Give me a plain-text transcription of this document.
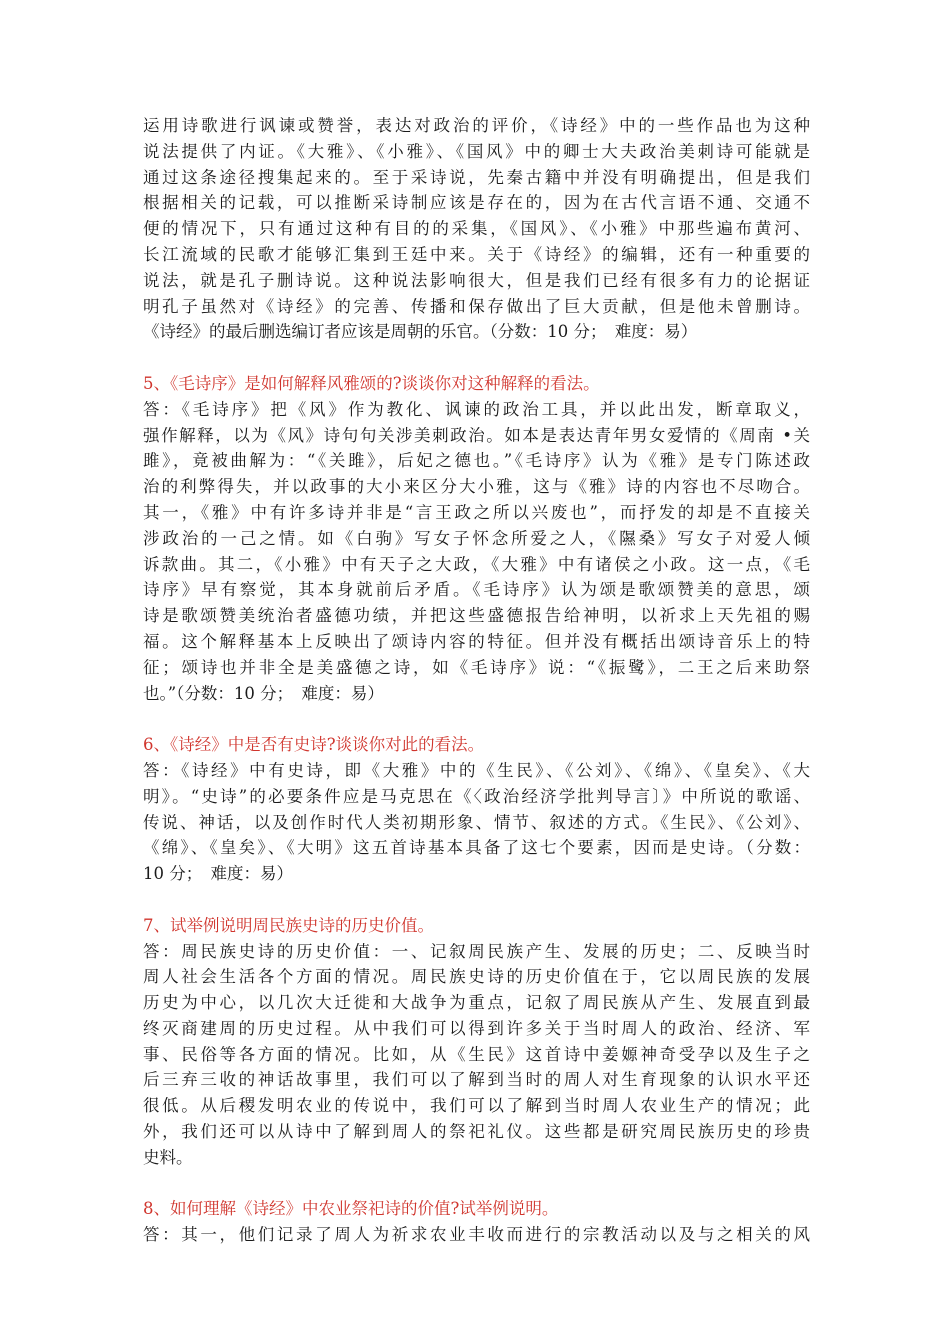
运用诗歌进行讽谏或赞誉，表达对政治的评价，《诗经》中的一些作品也为这种
说法提供了内证。《大雅》、《小雅》、《国风》中的卿士大夫政治美刺诗可能就是
通过这条途径搜集起来的。至于采诗说，先秦古籍中并没有明确提出，但是我们
根据相关的记载，可以推断采诗制应该是存在的，因为在古代言语不通、交通不
便的情况下，只有通过这种有目的的采集，《国风》、《小雅》中那些遍布黄河、
长江流域的民歌才能够汇集到王廷中来。关于《诗经》的编辑，还有一种重要的
说法，就是孔子删诗说。这种说法影响很大，但是我们已经有很多有力的论据证
明孔子虽然对《诗经》的完善、传播和保存做出了巨大贡献，但是他未曾删诗。
《诗经》的最后删选编订者应该是周朝的乐官。（分数：10 分；　难度：易）
5、《毛诗序》是如何解释风雅颂的?谈谈你对这种解释的看法。
答：《毛诗序》把《风》作为教化、讽谏的政治工具，并以此出发，断章取义，
强作解释，以为《风》诗句句关涉美刺政治。如本是表达青年男女爱情的《周南 •关
雎》，竟被曲解为：“《关雎》，后妃之德也。”《毛诗序》认为《雅》是专门陈述政
治的利弊得失，并以政事的大小来区分大小雅，这与《雅》诗的内容也不尽吻合。
其一，《雅》中有许多诗并非是“言王政之所以兴废也”，而抒发的却是不直接关
涉政治的一己之情。如《白驹》写女子怀念所爱之人，《隰桑》写女子对爱人倾
诉款曲。其二，《小雅》中有天子之大政，《大雅》中有诸侯之小政。这一点，《毛
诗序》早有察觉，其本身就前后矛盾。《毛诗序》认为颂是歌颂赞美的意思，颂
诗是歌颂赞美统治者盛德功绩，并把这些盛德报告给神明，以祈求上天先祖的赐
福。这个解释基本上反映出了颂诗内容的特征。但并没有概括出颂诗音乐上的特
征；颂诗也并非全是美盛德之诗，如《毛诗序》说：“《振鹭》，二王之后来助祭
也。”（分数：10 分；　难度：易）
6、《诗经》中是否有史诗?谈谈你对此的看法。
答：《诗经》中有史诗，即《大雅》中的《生民》、《公刘》、《绵》、《皇矣》、《大
明》。“史诗”的必要条件应是马克思在《〈政治经济学批判导言〕》中所说的歌谣、
传说、神话，以及创作时代人类初期形象、情节、叙述的方式。《生民》、《公刘》、
《绵》、《皇矣》、《大明》这五首诗基本具备了这七个要素，因而是史诗。（分数：
10 分；　难度：易）
7、试举例说明周民族史诗的历史价值。
答：周民族史诗的历史价值：一、记叙周民族产生、发展的历史；二、反映当时
周人社会生活各个方面的情况。周民族史诗的历史价值在于，它以周民族的发展
历史为中心，以几次大迁徙和大战争为重点，记叙了周民族从产生、发展直到最
终灭商建周的历史过程。从中我们可以得到许多关于当时周人的政治、经济、军
事、民俗等各方面的情况。比如，从《生民》这首诗中姜嫄神奇受孕以及生子之
后三弃三收的神话故事里，我们可以了解到当时的周人对生育现象的认识水平还
很低。从后稷发明农业的传说中，我们可以了解到当时周人农业生产的情况；此
外，我们还可以从诗中了解到周人的祭祀礼仪。这些都是研究周民族历史的珍贵
史料。
8、如何理解《诗经》中农业祭祀诗的价值?试举例说明。
答：其一，他们记录了周人为祈求农业丰收而进行的宗教活动以及与之相关的风
